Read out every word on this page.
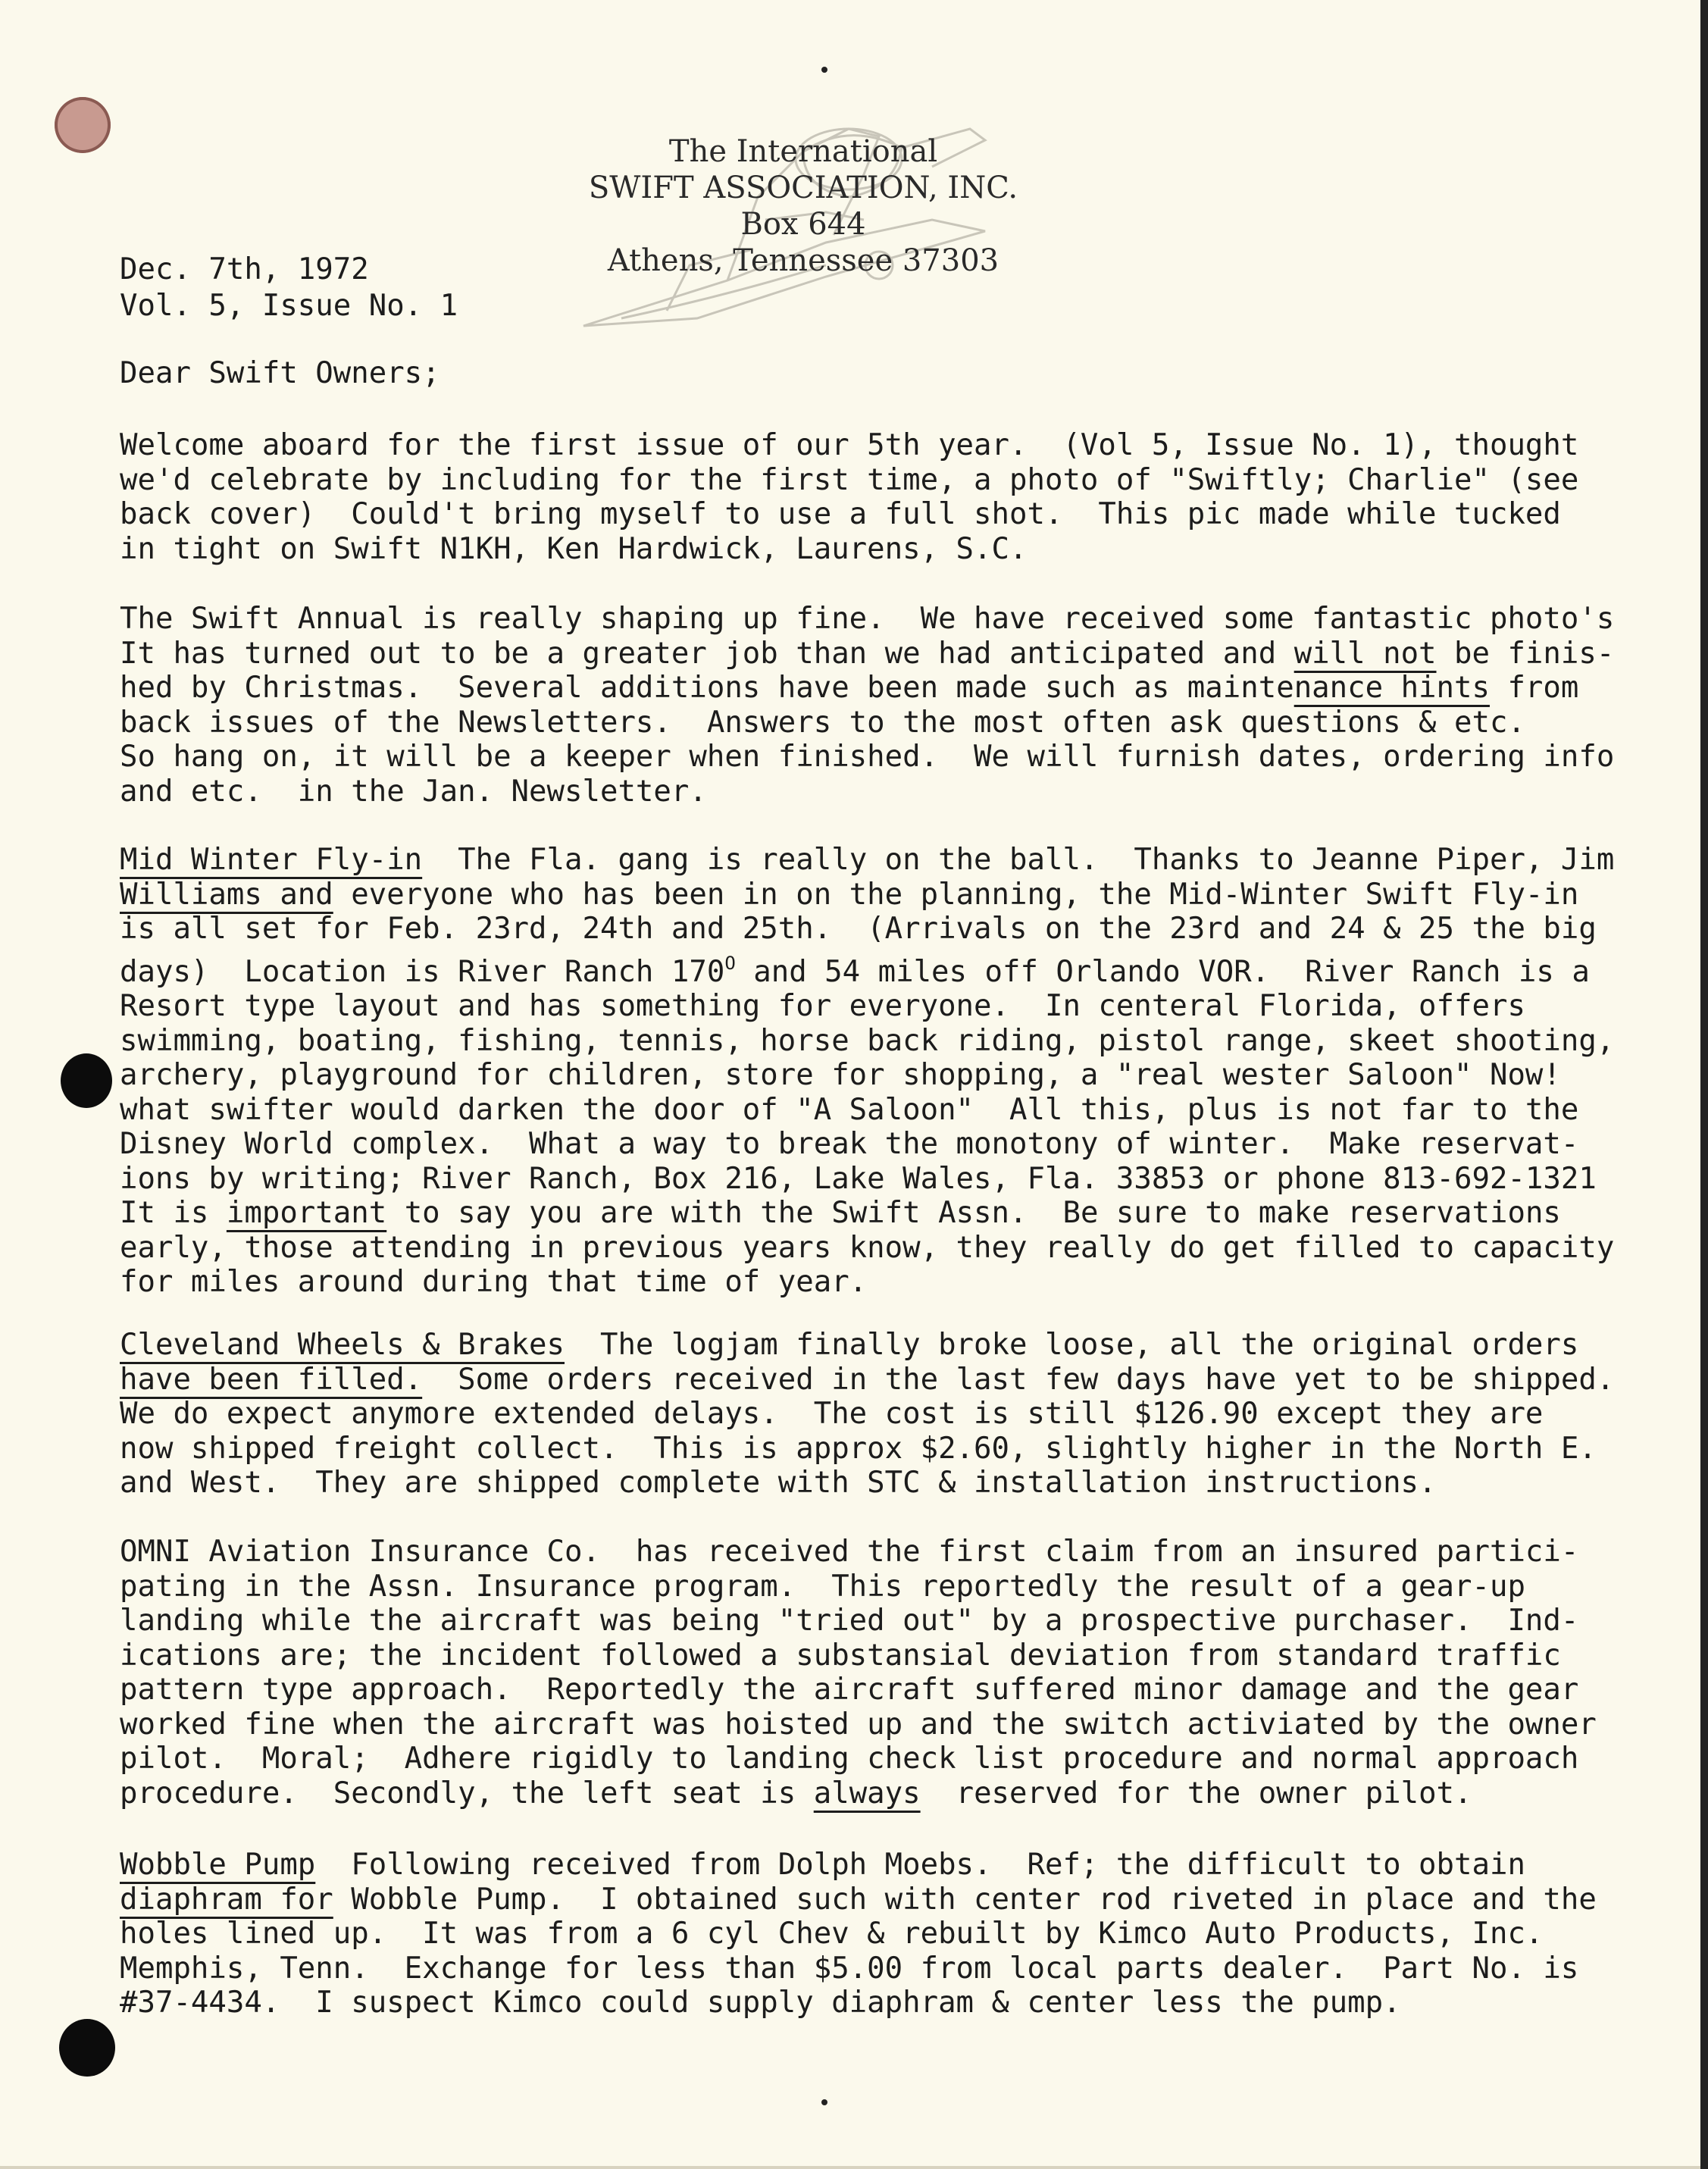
The International
SWIFT ASSOCIATION, INC.
Box 644
Athens, Tennessee 37303
Dec. 7th, 1972
Vol. 5, Issue No. 1
Dear Swift Owners;
Welcome aboard for the first issue of our 5th year.  (Vol 5, Issue No. 1), thought
we'd celebrate by including for the first time, a photo of "Swiftly; Charlie" (see
back cover)  Could't bring myself to use a full shot.  This pic made while tucked
in tight on Swift N1KH, Ken Hardwick, Laurens, S.C.
The Swift Annual is really shaping up fine.  We have received some fantastic photo's
It has turned out to be a greater job than we had anticipated and will not be finis-
hed by Christmas.  Several additions have been made such as maintenance hints from
back issues of the Newsletters.  Answers to the most often ask questions & etc.
So hang on, it will be a keeper when finished.  We will furnish dates, ordering info
and etc.  in the Jan. Newsletter.
Mid Winter Fly-in  The Fla. gang is really on the ball.  Thanks to Jeanne Piper, Jim
Williams and everyone who has been in on the planning, the Mid-Winter Swift Fly-in
is all set for Feb. 23rd, 24th and 25th.  (Arrivals on the 23rd and 24 & 25 the big
days)  Location is River Ranch $170^O$ and 54 miles off Orlando VOR.  River Ranch is a
Resort type layout and has something for everyone.  In centeral Florida, offers
swimming, boating, fishing, tennis, horse back riding, pistol range, skeet shooting,
archery, playground for children, store for shopping, a "real wester Saloon" Now!
what swifter would darken the door of "A Saloon"  All this, plus is not far to the
Disney World complex.  What a way to break the monotony of winter.  Make reservat-
ions by writing; River Ranch, Box 216, Lake Wales, Fla. 33853 or phone 813-692-1321
It is important to say you are with the Swift Assn.  Be sure to make reservations
early, those attending in previous years know, they really do get filled to capacity
for miles around during that time of year.
Cleveland Wheels & Brakes  The logjam finally broke loose, all the original orders
have been filled.  Some orders received in the last few days have yet to be shipped.
We do expect anymore extended delays.  The cost is still $126.90 except they are
now shipped freight collect.  This is approx $2.60, slightly higher in the North E.
and West.  They are shipped complete with STC & installation instructions.
OMNI Aviation Insurance Co.  has received the first claim from an insured partici-
pating in the Assn. Insurance program.  This reportedly the result of a gear-up
landing while the aircraft was being "tried out" by a prospective purchaser.  Ind-
ications are; the incident followed a substansial deviation from standard traffic
pattern type approach.  Reportedly the aircraft suffered minor damage and the gear
worked fine when the aircraft was hoisted up and the switch activiated by the owner
pilot.  Moral;  Adhere rigidly to landing check list procedure and normal approach
procedure.  Secondly, the left seat is always  reserved for the owner pilot.
Wobble Pump  Following received from Dolph Moebs.  Ref; the difficult to obtain
diaphram for Wobble Pump.  I obtained such with center rod riveted in place and the
holes lined up.  It was from a 6 cyl Chev & rebuilt by Kimco Auto Products, Inc.
Memphis, Tenn.  Exchange for less than $5.00 from local parts dealer.  Part No. is
#37-4434.  I suspect Kimco could supply diaphram & center less the pump.
